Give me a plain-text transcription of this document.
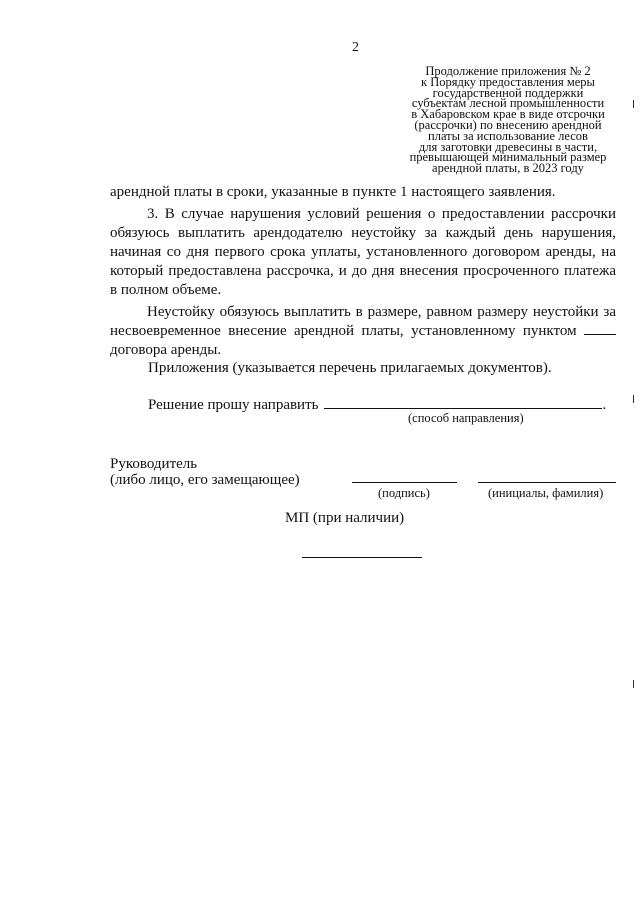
2
Продолжение приложения № 2
к Порядку предоставления меры
государственной поддержки
субъектам лесной промышленности
в Хабаровском крае в виде отсрочки
(рассрочки) по внесению арендной
платы за использование лесов
для заготовки древесины в части,
превышающей минимальный размер
арендной платы, в 2023 году

арендной платы в сроки, указанные в пункте 1 настоящего заявления.

3. В случае нарушения условий решения о предоставлении рассрочки обязуюсь выплатить арендодателю неустойку за каждый день нарушения, начиная со дня первого срока уплаты, установленного договором аренды, на который предоставлена рассрочка, и до дня внесения просроченного платежа в полном объеме.

Неустойку обязуюсь выплатить в размере, равном размеру неустойки за несвоевременное внесение арендной платы, установленному пунктом  договора аренды.

Приложения (указывается перечень прилагаемых документов).
Решение прошу направить	.
(способ направления)
Руководитель
(либо лицо, его замещающее)
(подпись)	(инициалы, фамилия)
МП (при наличии)
